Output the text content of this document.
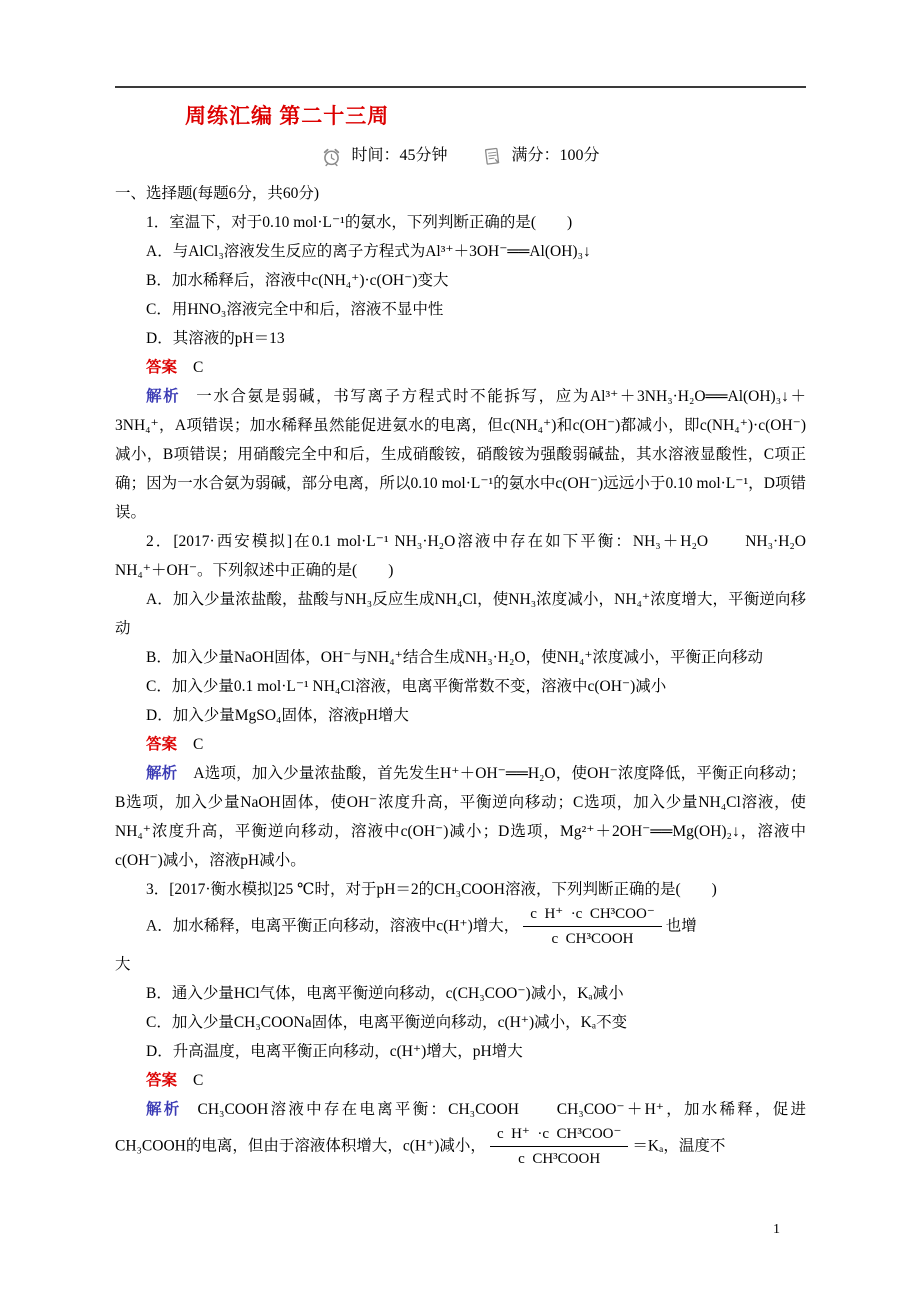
周练汇编 第二十三周
时间：45分钟	满分：100分
一、选择题(每题6分，共60分)
1．室温下，对于0.10 mol·L⁻¹的氨水，下列判断正确的是(　　)
A．与AlCl₃溶液发生反应的离子方程式为Al³⁺＋3OH⁻══Al(OH)₃↓
B．加水稀释后，溶液中c(NH₄⁺)·c(OH⁻)变大
C．用HNO₃溶液完全中和后，溶液不显中性
D．其溶液的pH＝13
答案 C
解析 一水合氨是弱碱，书写离子方程式时不能拆写，应为Al³⁺＋3NH₃·H₂O══Al(OH)₃↓＋3NH₄⁺，A项错误；加水稀释虽然能促进氨水的电离，但c(NH₄⁺)和c(OH⁻)都减小，即c(NH₄⁺)·c(OH⁻)减小，B项错误；用硝酸完全中和后，生成硝酸铵，硝酸铵为强酸弱碱盐，其水溶液显酸性，C项正确；因为一水合氨为弱碱，部分电离，所以0.10 mol·L⁻¹的氨水中c(OH⁻)远远小于0.10 mol·L⁻¹，D项错误。
2．[2017·西安模拟]在0.1 mol·L⁻¹ NH₃·H₂O溶液中存在如下平衡：NH₃＋H₂O　　NH₃·H₂O　　NH₄⁺＋OH⁻。下列叙述中正确的是(　　)
A．加入少量浓盐酸，盐酸与NH₃反应生成NH₄Cl，使NH₃浓度减小，NH₄⁺浓度增大，平衡逆向移动
B．加入少量NaOH固体，OH⁻与NH₄⁺结合生成NH₃·H₂O，使NH₄⁺浓度减小，平衡正向移动
C．加入少量0.1 mol·L⁻¹ NH₄Cl溶液，电离平衡常数不变，溶液中c(OH⁻)减小
D．加入少量MgSO₄固体，溶液pH增大
答案 C
解析 A选项，加入少量浓盐酸，首先发生H⁺＋OH⁻══H₂O，使OH⁻浓度降低，平衡正向移动；B选项，加入少量NaOH固体，使OH⁻浓度升高，平衡逆向移动；C选项，加入少量NH₄Cl溶液，使NH₄⁺浓度升高，平衡逆向移动，溶液中c(OH⁻)减小；D选项，Mg²⁺＋2OH⁻══Mg(OH)₂↓，溶液中c(OH⁻)减小，溶液pH减小。
3．[2017·衡水模拟]25 ℃时，对于pH＝2的CH₃COOH溶液，下列判断正确的是(　　)
A．加水稀释，电离平衡正向移动，溶液中c(H⁺)增大， $\frac{\text{c  H⁺  ·c  CH³COO⁻}}{\text{c  CH³COOH}}$ 也增
大
B．通入少量HCl气体，电离平衡逆向移动，c(CH₃COO⁻)减小，Kₐ减小
C．加入少量CH₃COONa固体，电离平衡逆向移动，c(H⁺)减小，Kₐ不变
D．升高温度，电离平衡正向移动，c(H⁺)增大，pH增大
答案 C
解析 CH₃COOH溶液中存在电离平衡：CH₃COOH　　CH₃COO⁻＋H⁺，加水稀释，促进CH₃COOH的电离，但由于溶液体积增大，c(H⁺)减小， $\frac{\text{c  H⁺  ·c  CH³COO⁻}}{\text{c  CH³COOH}} =K_a$，温度不
1
